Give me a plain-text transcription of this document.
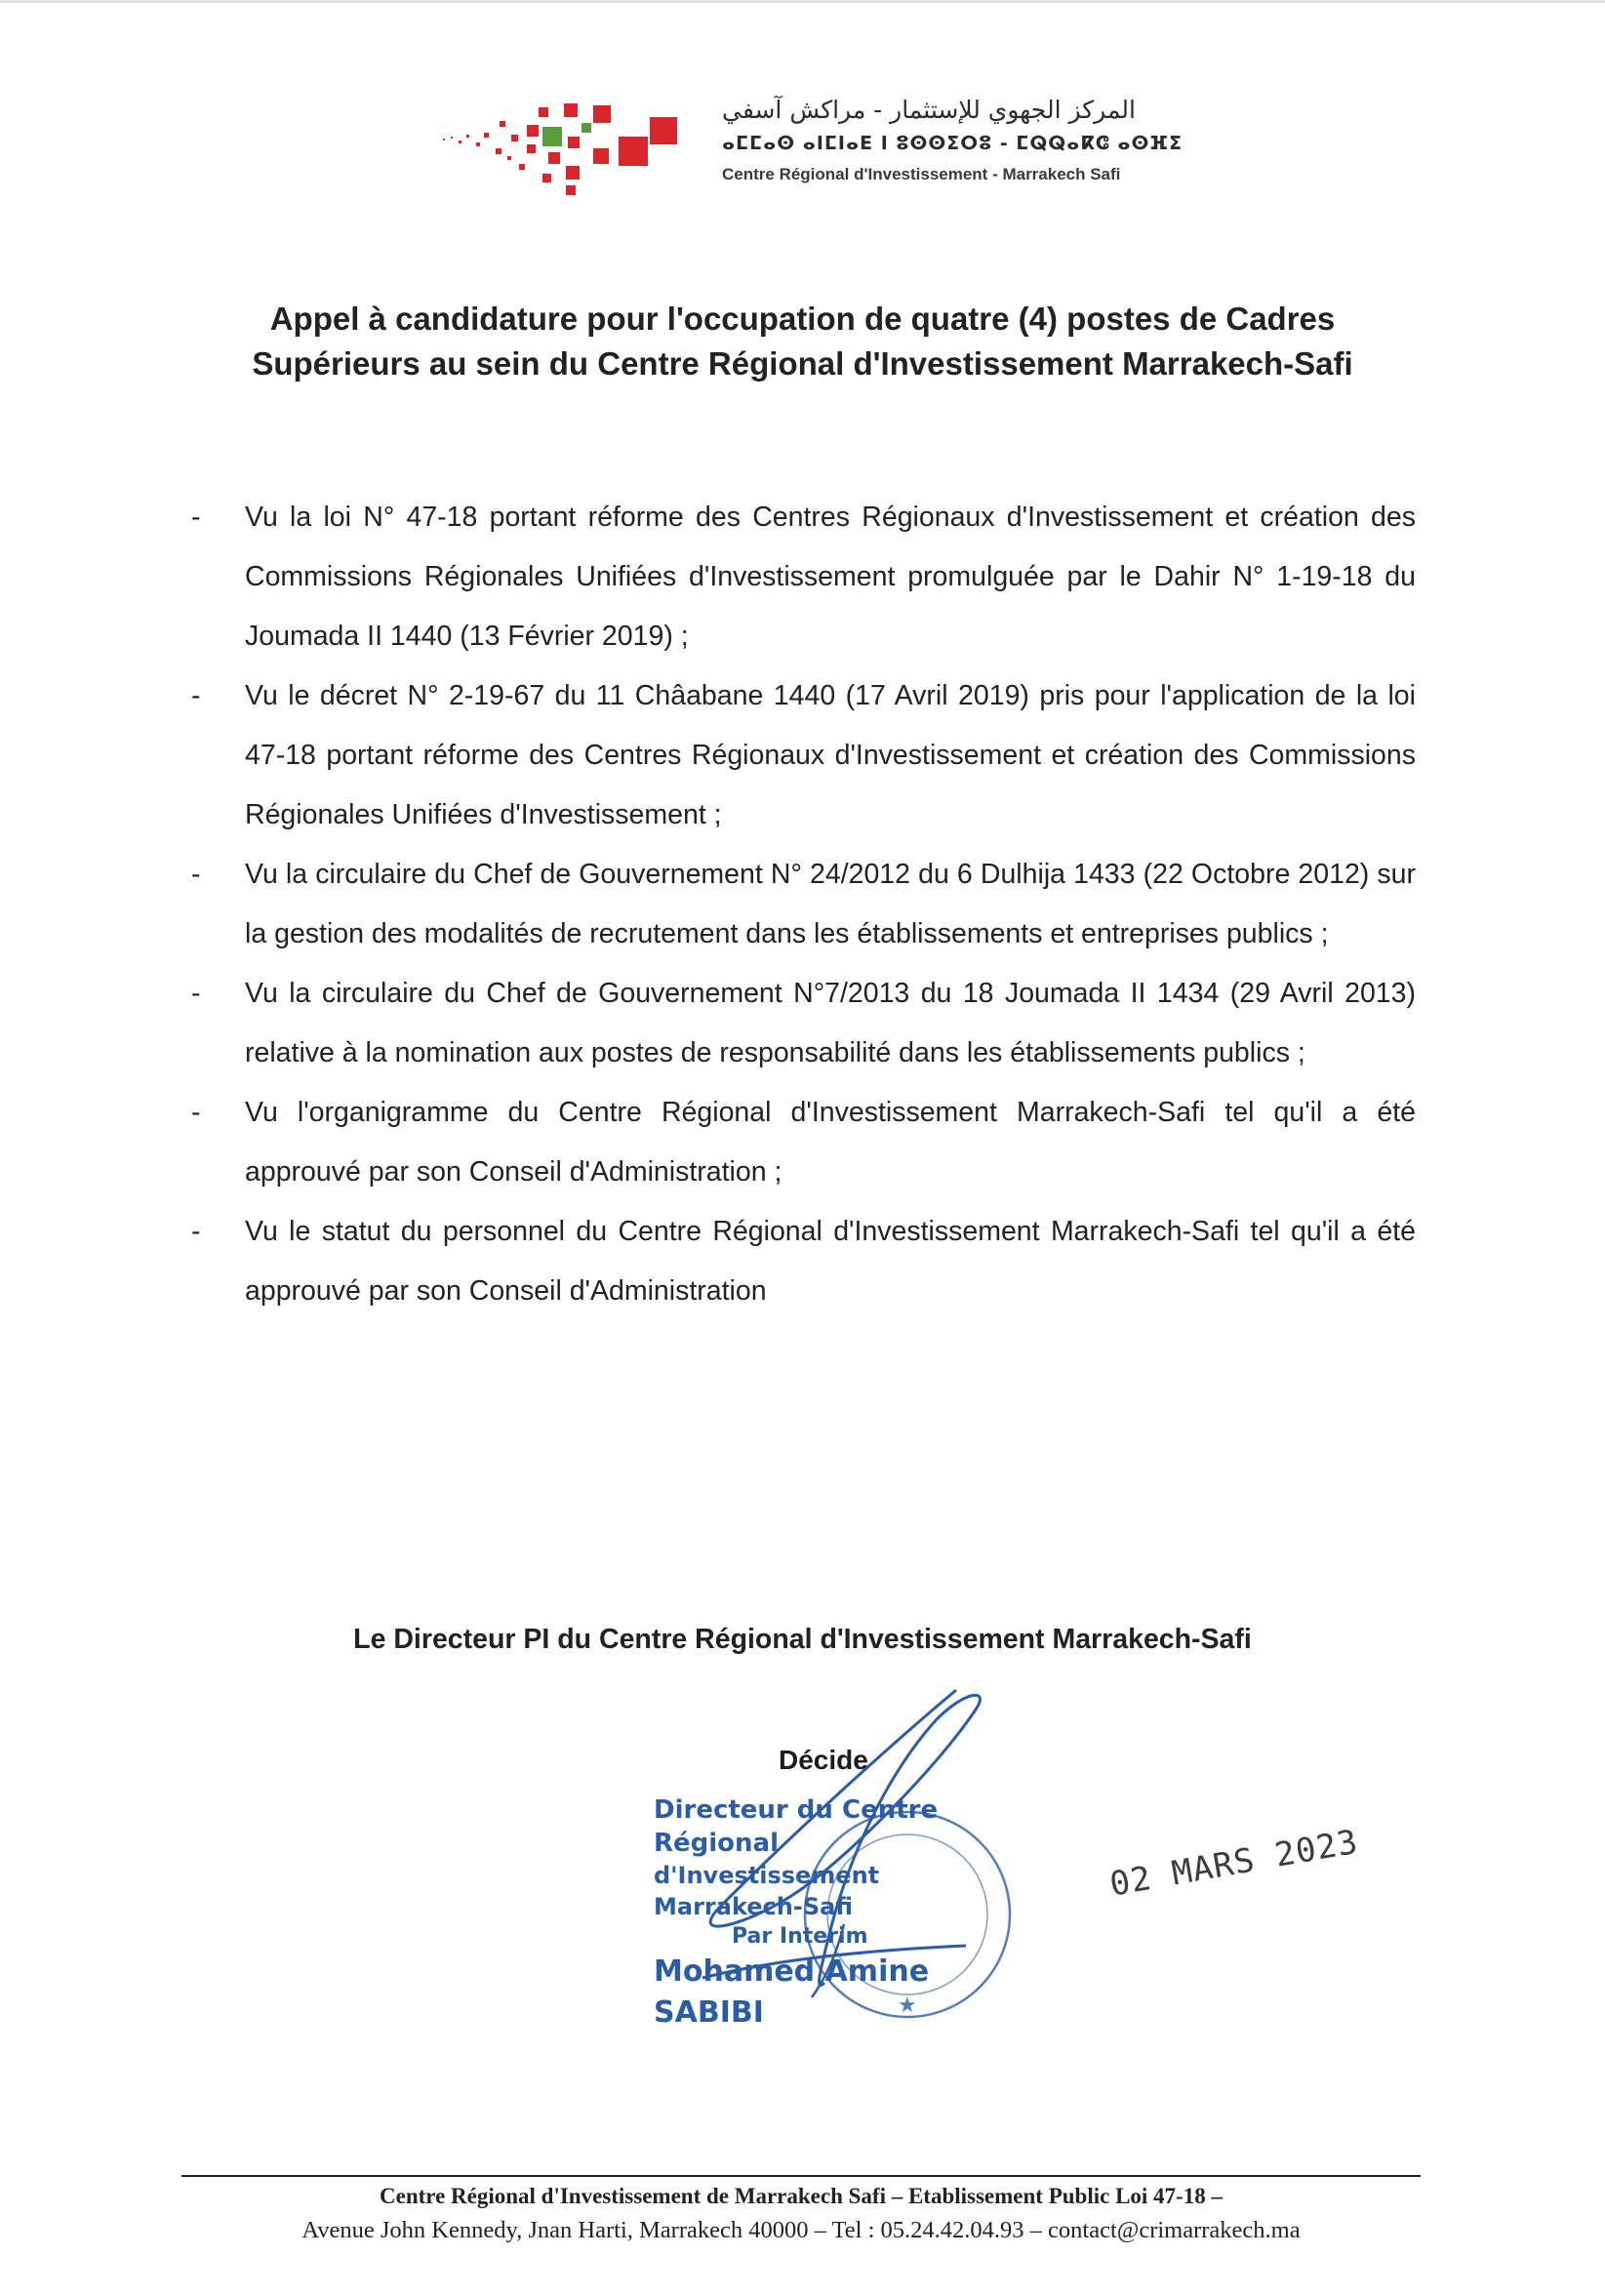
المركز الجهوي للإستثمار - مراكش آسفي
ⴰⵎⵎⴰⵙ ⴰⵏⵎⵏⴰⴹ ⵏ ⵓⵙⵙⵉⵔⵓ - ⵎⵕⵕⴰⴽⵛ ⴰⵙⴼⵉ
Centre Régional d'Investissement - Marrakech Safi
Appel à candidature pour l'occupation de quatre (4) postes de Cadres
Supérieurs au sein du Centre Régional d'Investissement Marrakech-Safi
- Vu la loi N° 47-18 portant réforme des Centres Régionaux d'Investissement et création des Commissions Régionales Unifiées d'Investissement promulguée par le Dahir N° 1-19-18 du Joumada II 1440 (13 Février 2019) ;
- Vu le décret N° 2-19-67 du 11 Châabane 1440 (17 Avril 2019) pris pour l'application de la loi 47-18 portant réforme des Centres Régionaux d'Investissement et création des Commissions Régionales Unifiées d'Investissement ;
- Vu la circulaire du Chef de Gouvernement N° 24/2012 du 6 Dulhija 1433 (22 Octobre 2012) sur la gestion des modalités de recrutement dans les établissements et entreprises publics ;
- Vu la circulaire du Chef de Gouvernement N°7/2013 du 18 Joumada II 1434 (29 Avril 2013) relative à la nomination aux postes de responsabilité dans les établissements publics ;
- Vu l'organigramme du Centre Régional d'Investissement Marrakech-Safi tel qu'il a été approuvé par son Conseil d'Administration ;
- Vu le statut du personnel du Centre Régional d'Investissement Marrakech-Safi tel qu'il a été approuvé par son Conseil d'Administration
Le Directeur PI du Centre Régional d'Investissement Marrakech-Safi
★
Décide
Directeur du Centre Régional
d'Investissement Marrakech-Safi
Par Interim
Mohamed Amine SABIBI
02 MARS 2023
Centre Régional d'Investissement de Marrakech Safi – Etablissement Public Loi 47-18 –
Avenue John Kennedy, Jnan Harti, Marrakech 40000 – Tel : 05.24.42.04.93 – contact@crimarrakech.ma
